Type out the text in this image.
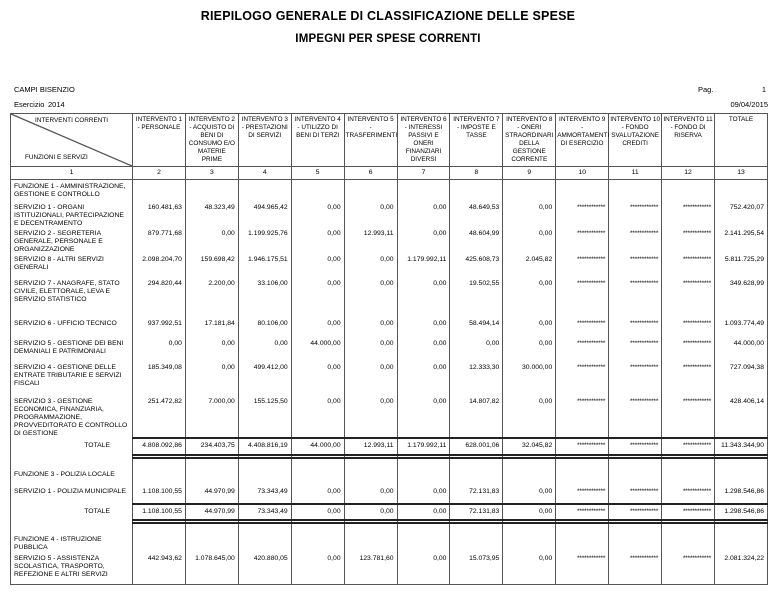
RIEPILOGO GENERALE DI CLASSIFICAZIONE DELLE SPESE
IMPEGNI PER SPESE CORRENTI
CAMPI BISENZIO	Pag.	1
Esercizio 2014	09/04/2015
INTERVENTI CORRENTI
FUNZIONI E SERVIZI	INTERVENTO 1 - PERSONALE	INTERVENTO 2 - ACQUISTO DI BENI DI CONSUMO E/O MATERIE PRIME	INTERVENTO 3 - PRESTAZIONI DI SERVIZI	INTERVENTO 4 - UTILIZZO DI BENI DI TERZI	INTERVENTO 5 - TRASFERIMENTI	INTERVENTO 6 - INTERESSI PASSIVI E ONERI FINANZIARI DIVERSI	INTERVENTO 7 - IMPOSTE E TASSE	INTERVENTO 8 - ONERI STRAORDINARI DELLA GESTIONE CORRENTE	INTERVENTO 9 - AMMORTAMENTI DI ESERCIZIO	INTERVENTO 10 - FONDO SVALUTAZIONE CREDITI	INTERVENTO 11 - FONDO DI RISERVA	TOTALE
1	2	3	4	5	6	7	8	9	10	11	12	13
FUNZIONE 1 - AMMINISTRAZIONE, GESTIONE E CONTROLLO												
SERVIZIO 1 - ORGANI ISTITUZIONALI, PARTECIPAZIONE E DECENTRAMENTO	160.481,63	48.323,49	494.965,42	0,00	0,00	0,00	48.649,53	0,00	************	************	************	752.420,07
SERVIZIO 2 - SEGRETERIA GENERALE, PERSONALE E ORGANIZZAZIONE	879.771,68	0,00	1.199.925,76	0,00	12.993,11	0,00	48.604,99	0,00	************	************	************	2.141.295,54
SERVIZIO 8 - ALTRI SERVIZI GENERALI	2.098.204,70	159.698,42	1.946.175,51	0,00	0,00	1.179.992,11	425.608,73	2.045,82	************	************	************	5.811.725,29
SERVIZIO 7 - ANAGRAFE, STATO CIVILE, ELETTORALE, LEVA E SERVIZIO STATISTICO	294.820,44	2.200,00	33.106,00	0,00	0,00	0,00	19.502,55	0,00	************	************	************	349.628,99
SERVIZIO 6 - UFFICIO TECNICO	937.992,51	17.181,84	80.106,00	0,00	0,00	0,00	58.494,14	0,00	************	************	************	1.093.774,49
SERVIZIO 5 - GESTIONE DEI BENI DEMANIALI E PATRIMONIALI	0,00	0,00	0,00	44.000,00	0,00	0,00	0,00	0,00	************	************	************	44.000,00
SERVIZIO 4 - GESTIONE DELLE ENTRATE TRIBUTARIE E SERVIZI FISCALI	185.349,08	0,00	499.412,00	0,00	0,00	0,00	12.333,30	30.000,00	************	************	************	727.094,38
SERVIZIO 3 - GESTIONE ECONOMICA, FINANZIARIA, PROGRAMMAZIONE, PROVVEDITORATO E CONTROLLO DI GESTIONE	251.472,82	7.000,00	155.125,50	0,00	0,00	0,00	14.807,82	0,00	************	************	************	428.406,14
TOTALE	4.808.092,86	234.403,75	4.408.816,19	44.000,00	12.993,11	1.179.992,11	628.001,06	32.045,82	************	************	************	11.343.344,90

FUNZIONE 3 - POLIZIA LOCALE												
SERVIZIO 1 - POLIZIA MUNICIPALE	1.108.100,55	44.970,99	73.343,49	0,00	0,00	0,00	72.131,83	0,00	************	************	************	1.298.546,86
TOTALE	1.108.100,55	44.970,99	73.343,49	0,00	0,00	0,00	72.131,83	0,00	************	************	************	1.298.546,86

FUNZIONE 4 - ISTRUZIONE PUBBLICA												
SERVIZIO 5 - ASSISTENZA SCOLASTICA, TRASPORTO, REFEZIONE E ALTRI SERVIZI	442.943,62	1.078.645,00	420.880,05	0,00	123.781,60	0,00	15.073,95	0,00	************	************	************	2.081.324,22
